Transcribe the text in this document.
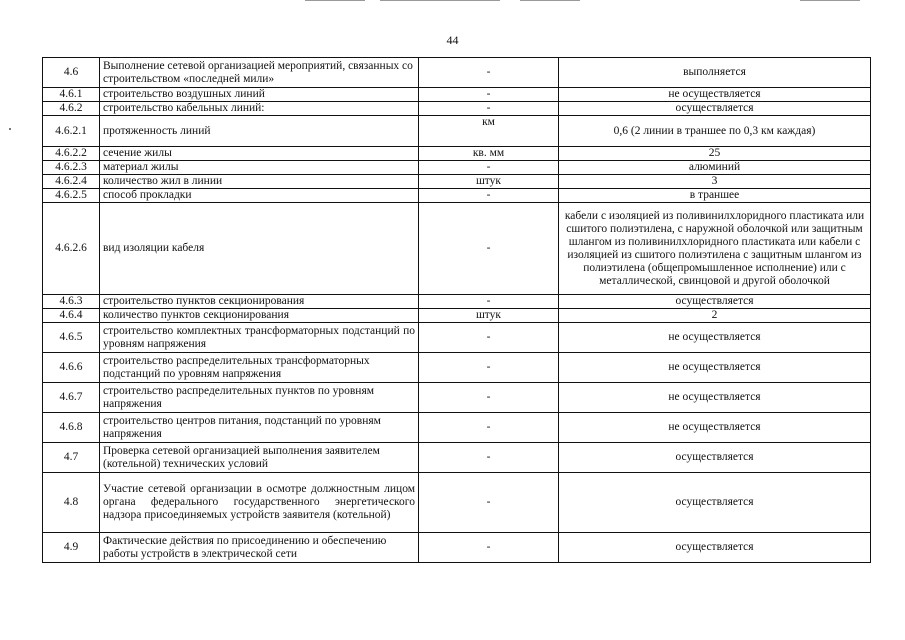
44
4.6	Выполнение сетевой организацией мероприятий, связанных со строительством «последней мили»	-	выполняется
4.6.1	строительство воздушных линий	-	не осуществляется
4.6.2	строительство кабельных линий:	-	осуществляется
4.6.2.1	протяженность линий	км	0,6 (2 линии в траншее по 0,3 км каждая)
4.6.2.2	сечение жилы	кв. мм	25
4.6.2.3	материал жилы	-	алюминий
4.6.2.4	количество жил в линии	штук	3
4.6.2.5	способ прокладки	-	в траншее
4.6.2.6	вид изоляции кабеля	-	кабели с изоляцией из поливинилхлоридного пластиката или сшитого полиэтилена, с наружной оболочкой или защитным шлангом из поливинилхлоридного пластиката или кабели с изоляцией из сшитого полиэтилена с защитным шлангом из полиэтилена (общепромышленное исполнение) или с металлической, свинцовой и другой оболочкой
4.6.3	строительство пунктов секционирования	-	осуществляется
4.6.4	количество пунктов секционирования	штук	2
4.6.5	строительство комплектных трансформаторных подстанций по уровням напряжения	-	не осуществляется
4.6.6	строительство распределительных трансформаторных подстанций по уровням напряжения	-	не осуществляется
4.6.7	строительство распределительных пунктов по уровням напряжения	-	не осуществляется
4.6.8	строительство центров питания, подстанций по уровням напряжения	-	не осуществляется
4.7	Проверка сетевой организацией выполнения заявителем (котельной) технических условий	-	осуществляется
4.8	Участие сетевой организации в осмотре должностным лицом органа федерального государственного энергетического надзора присоединяемых устройств заявителя (котельной)	-	осуществляется
4.9	Фактические действия по присоединению и обеспечению работы устройств в электрической сети	-	осуществляется
